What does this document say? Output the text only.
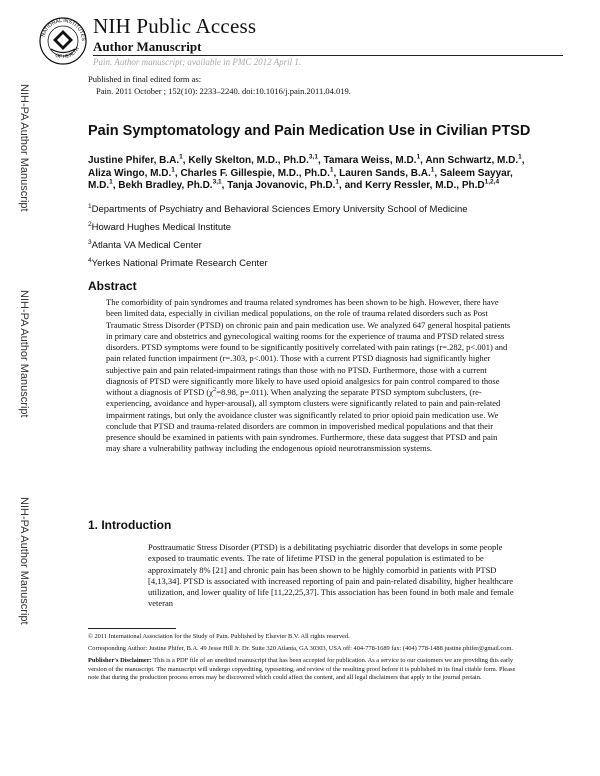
NATIONAL INSTITUTES
OF HEALTH
NIH Public Access
Author Manuscript
Pain. Author manuscript; available in PMC 2012 April 1.
Published in final edited form as:
Pain. 2011 October ; 152(10): 2233–2240. doi:10.1016/j.pain.2011.04.019.
NIH-PA Author Manuscript
NIH-PA Author Manuscript
NIH-PA Author Manuscript
Pain Symptomatology and Pain Medication Use in Civilian PTSD
Justine Phifer, B.A.$^1$, Kelly Skelton, M.D., Ph.D.$^{3,1}$, Tamara Weiss, M.D.$^1$, Ann Schwartz, M.D.$^1$, Aliza Wingo, M.D.$^1$, Charles F. Gillespie, M.D., Ph.D.$^1$, Lauren Sands, B.A.$^1$, Saleem Sayyar, M.D.$^1$, Bekh Bradley, Ph.D.$^{3,1}$, Tanja Jovanovic, Ph.D.$^1$, and Kerry Ressler, M.D., $Ph.D^{1,2,4}$
$^1$Departments of Psychiatry and Behavioral Sciences Emory University School of Medicine
$^2$Howard Hughes Medical Institute
$^3$Atlanta VA Medical Center
$^4$Yerkes National Primate Research Center
Abstract
The comorbidity of pain syndromes and trauma related syndromes has been shown to be high. However, there have been limited data, especially in civilian medical populations, on the role of trauma related disorders such as Post Traumatic Stress Disorder (PTSD) on chronic pain and pain medication use. We analyzed 647 general hospital patients in primary care and obstetrics and gynecological waiting rooms for the experience of trauma and PTSD related stress disorders. PTSD symptoms were found to be significantly positively correlated with pain ratings (r=.282, p<.001) and pain related function impairment (r=.303, p<.001). Those with a current PTSD diagnosis had significantly higher subjective pain and pain related-impairment ratings than those with no PTSD. Furthermore, those with a current diagnosis of PTSD were significantly more likely to have used opioid analgesics for pain control compared to those without a diagnosis of PTSD ($\chi^2=8.98$, p=.011). When analyzing the separate PTSD symptom subclusters, (re-experiencing, avoidance and hyper-arousal), all symptom clusters were significantly related to pain and pain-related impairment ratings, but only the avoidance cluster was significantly related to prior opioid pain medication use. We conclude that PTSD and trauma-related disorders are common in impoverished medical populations and that their presence should be examined in patients with pain syndromes. Furthermore, these data suggest that PTSD and pain may share a vulnerability pathway including the endogenous opioid neurotransmission systems.
1. Introduction
Posttraumatic Stress Disorder (PTSD) is a debilitating psychiatric disorder that develops in some people exposed to traumatic events. The rate of lifetime PTSD in the general population is estimated to be approximately 8% [21] and chronic pain has been shown to be highly comorbid in patients with PTSD [4,13,34]. PTSD is associated with increased reporting of pain and pain-related disability, higher healthcare utilization, and lower quality of life [11,22,25,37]. This association has been found in both male and female veteran

© 2011 International Association for the Study of Pain. Published by Elsevier B.V. All rights reserved.

Corresponding Author: Justine Phifer, B.A. 49 Jesse Hill Jr. Dr. Suite 320 Atlanta, GA 30303, USA off: 404-778-1689 fax: (404) 778-1488 justine.phifer@gmail.com.

Publisher's Disclaimer: This is a PDF file of an unedited manuscript that has been accepted for publication. As a service to our customers we are providing this early version of the manuscript. The manuscript will undergo copyediting, typesetting, and review of the resulting proof before it is published in its final citable form. Please note that during the production process errors may be discovered which could affect the content, and all legal disclaimers that apply to the journal pertain.
